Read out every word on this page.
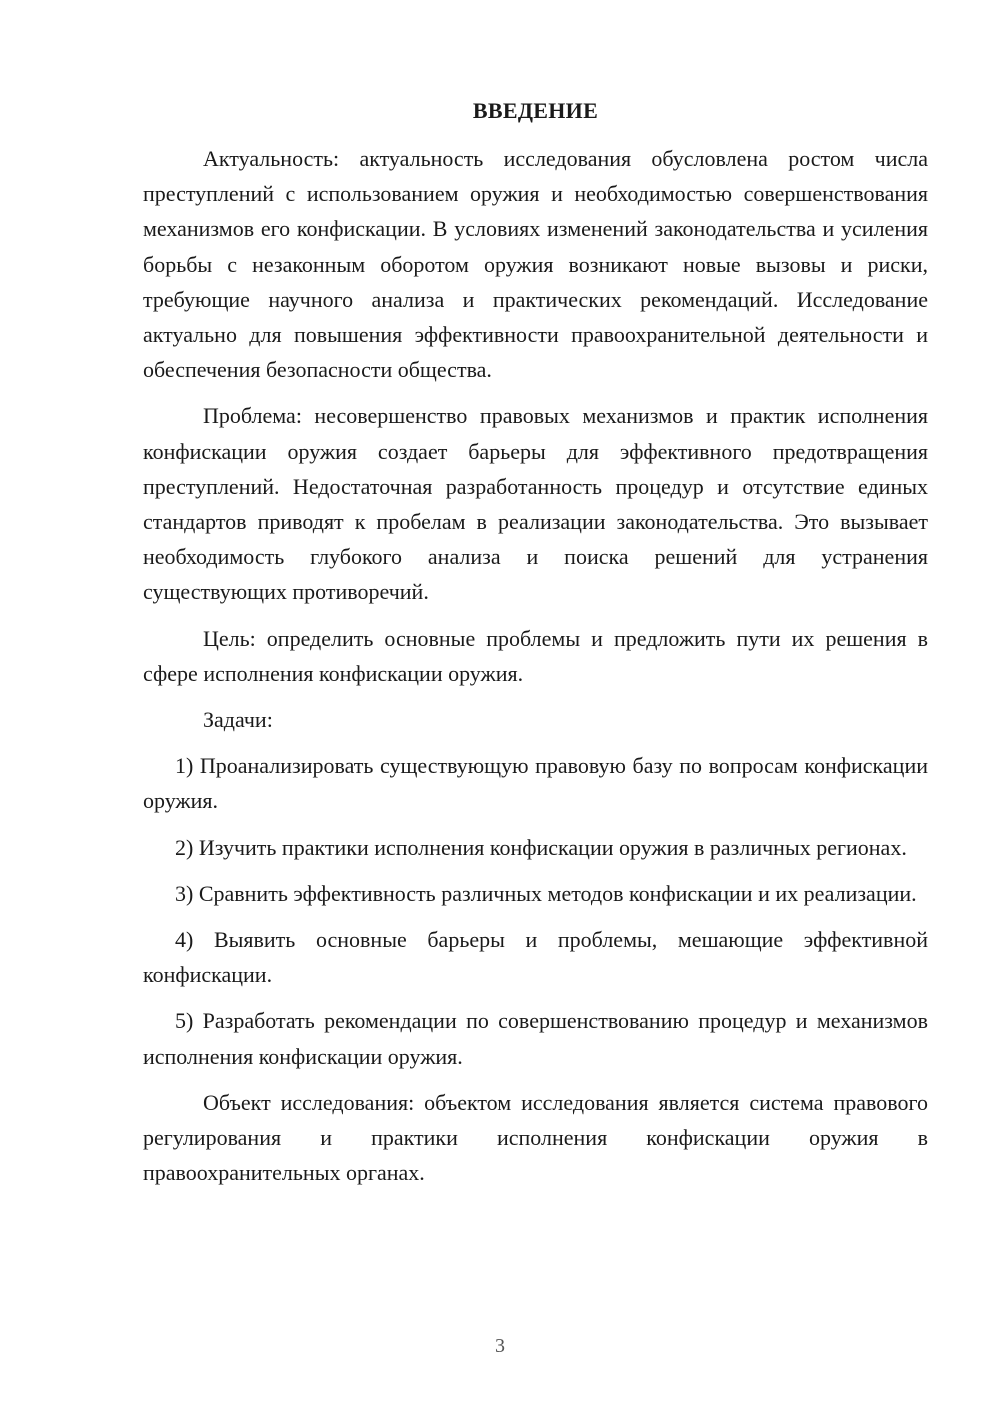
ВВЕДЕНИЕ

Актуальность: актуальность исследования обусловлена ростом числа преступлений с использованием оружия и необходимостью совершенствования механизмов его конфискации. В условиях изменений законодательства и усиления борьбы с незаконным оборотом оружия возникают новые вызовы и риски, требующие научного анализа и практических рекомендаций. Исследование актуально для повышения эффективности правоохранительной деятельности и обеспечения безопасности общества.

Проблема: несовершенство правовых механизмов и практик исполнения конфискации оружия создает барьеры для эффективного предотвращения преступлений. Недостаточная разработанность процедур и отсутствие единых стандартов приводят к пробелам в реализации законодательства. Это вызывает необходимость глубокого анализа и поиска решений для устранения существующих противоречий.

Цель: определить основные проблемы и предложить пути их решения в сфере исполнения конфискации оружия.

Задачи:

1) Проанализировать существующую правовую базу по вопросам конфискации оружия.

2) Изучить практики исполнения конфискации оружия в различных регионах.

3) Сравнить эффективность различных методов конфискации и их реализации.

4) Выявить основные барьеры и проблемы, мешающие эффективной конфискации.

5) Разработать рекомендации по совершенствованию процедур и механизмов исполнения конфискации оружия.

Объект исследования: объектом исследования является система правового регулирования и практики исполнения конфискации оружия в правоохранительных органах.

3
